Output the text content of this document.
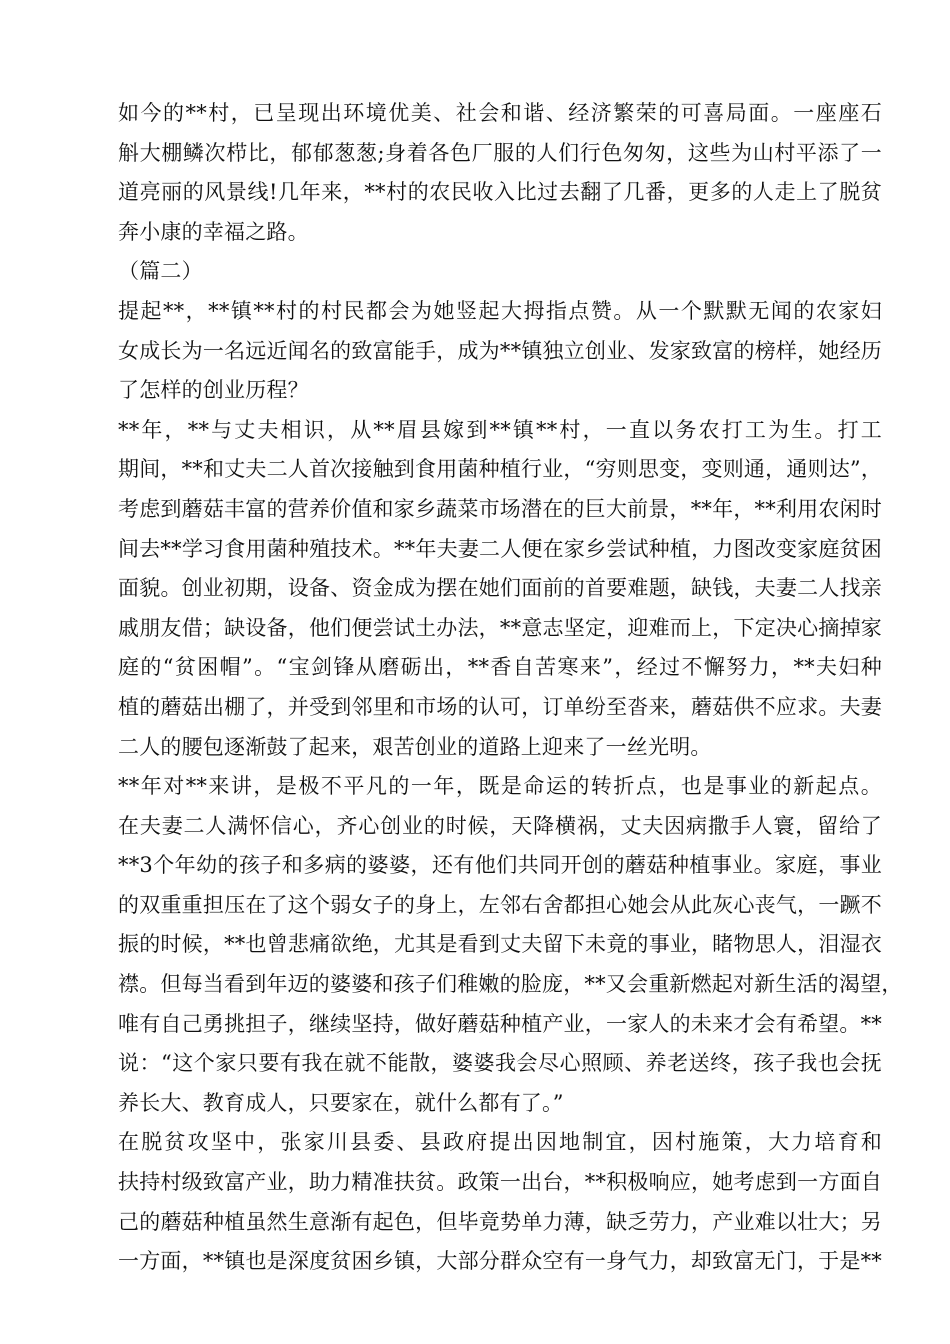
如今的**村，已呈现出环境优美、社会和谐、经济繁荣的可喜局面。一座座石
斛大棚鳞次栉比，郁郁葱葱;身着各色厂服的人们行色匆匆，这些为山村平添了一
道亮丽的风景线!几年来，**村的农民收入比过去翻了几番，更多的人走上了脱贫
奔小康的幸福之路。
（篇二）
提起**，**镇**村的村民都会为她竖起大拇指点赞。从一个默默无闻的农家妇
女成长为一名远近闻名的致富能手，成为**镇独立创业、发家致富的榜样，她经历
了怎样的创业历程？
**年，**与丈夫相识，从**眉县嫁到**镇**村，一直以务农打工为生。打工
期间，**和丈夫二人首次接触到食用菌种植行业，“穷则思变，变则通，通则达”，
考虑到蘑菇丰富的营养价值和家乡蔬菜市场潜在的巨大前景，**年，**利用农闲时
间去**学习食用菌种殖技术。**年夫妻二人便在家乡尝试种植，力图改变家庭贫困
面貌。创业初期，设备、资金成为摆在她们面前的首要难题，缺钱，夫妻二人找亲
戚朋友借；缺设备，他们便尝试土办法，**意志坚定，迎难而上，下定决心摘掉家
庭的“贫困帽”。“宝剑锋从磨砺出，**香自苦寒来”，经过不懈努力，**夫妇种
植的蘑菇出棚了，并受到邻里和市场的认可，订单纷至沓来，蘑菇供不应求。夫妻
二人的腰包逐渐鼓了起来，艰苦创业的道路上迎来了一丝光明。
**年对**来讲，是极不平凡的一年，既是命运的转折点，也是事业的新起点。
在夫妻二人满怀信心，齐心创业的时候，天降横祸，丈夫因病撒手人寰，留给了
**3个年幼的孩子和多病的婆婆，还有他们共同开创的蘑菇种植事业。家庭，事业
的双重重担压在了这个弱女子的身上，左邻右舍都担心她会从此灰心丧气，一蹶不
振的时候，**也曾悲痛欲绝，尤其是看到丈夫留下未竟的事业，睹物思人，泪湿衣
襟。但每当看到年迈的婆婆和孩子们稚嫩的脸庞，**又会重新燃起对新生活的渴望，
唯有自己勇挑担子，继续坚持，做好蘑菇种植产业，一家人的未来才会有希望。**
说：“这个家只要有我在就不能散，婆婆我会尽心照顾、养老送终，孩子我也会抚
养长大、教育成人，只要家在，就什么都有了。”
在脱贫攻坚中，张家川县委、县政府提出因地制宜，因村施策，大力培育和
扶持村级致富产业，助力精准扶贫。政策一出台，**积极响应，她考虑到一方面自
己的蘑菇种植虽然生意渐有起色，但毕竟势单力薄，缺乏劳力，产业难以壮大；另
一方面，**镇也是深度贫困乡镇，大部分群众空有一身气力，却致富无门，于是**
